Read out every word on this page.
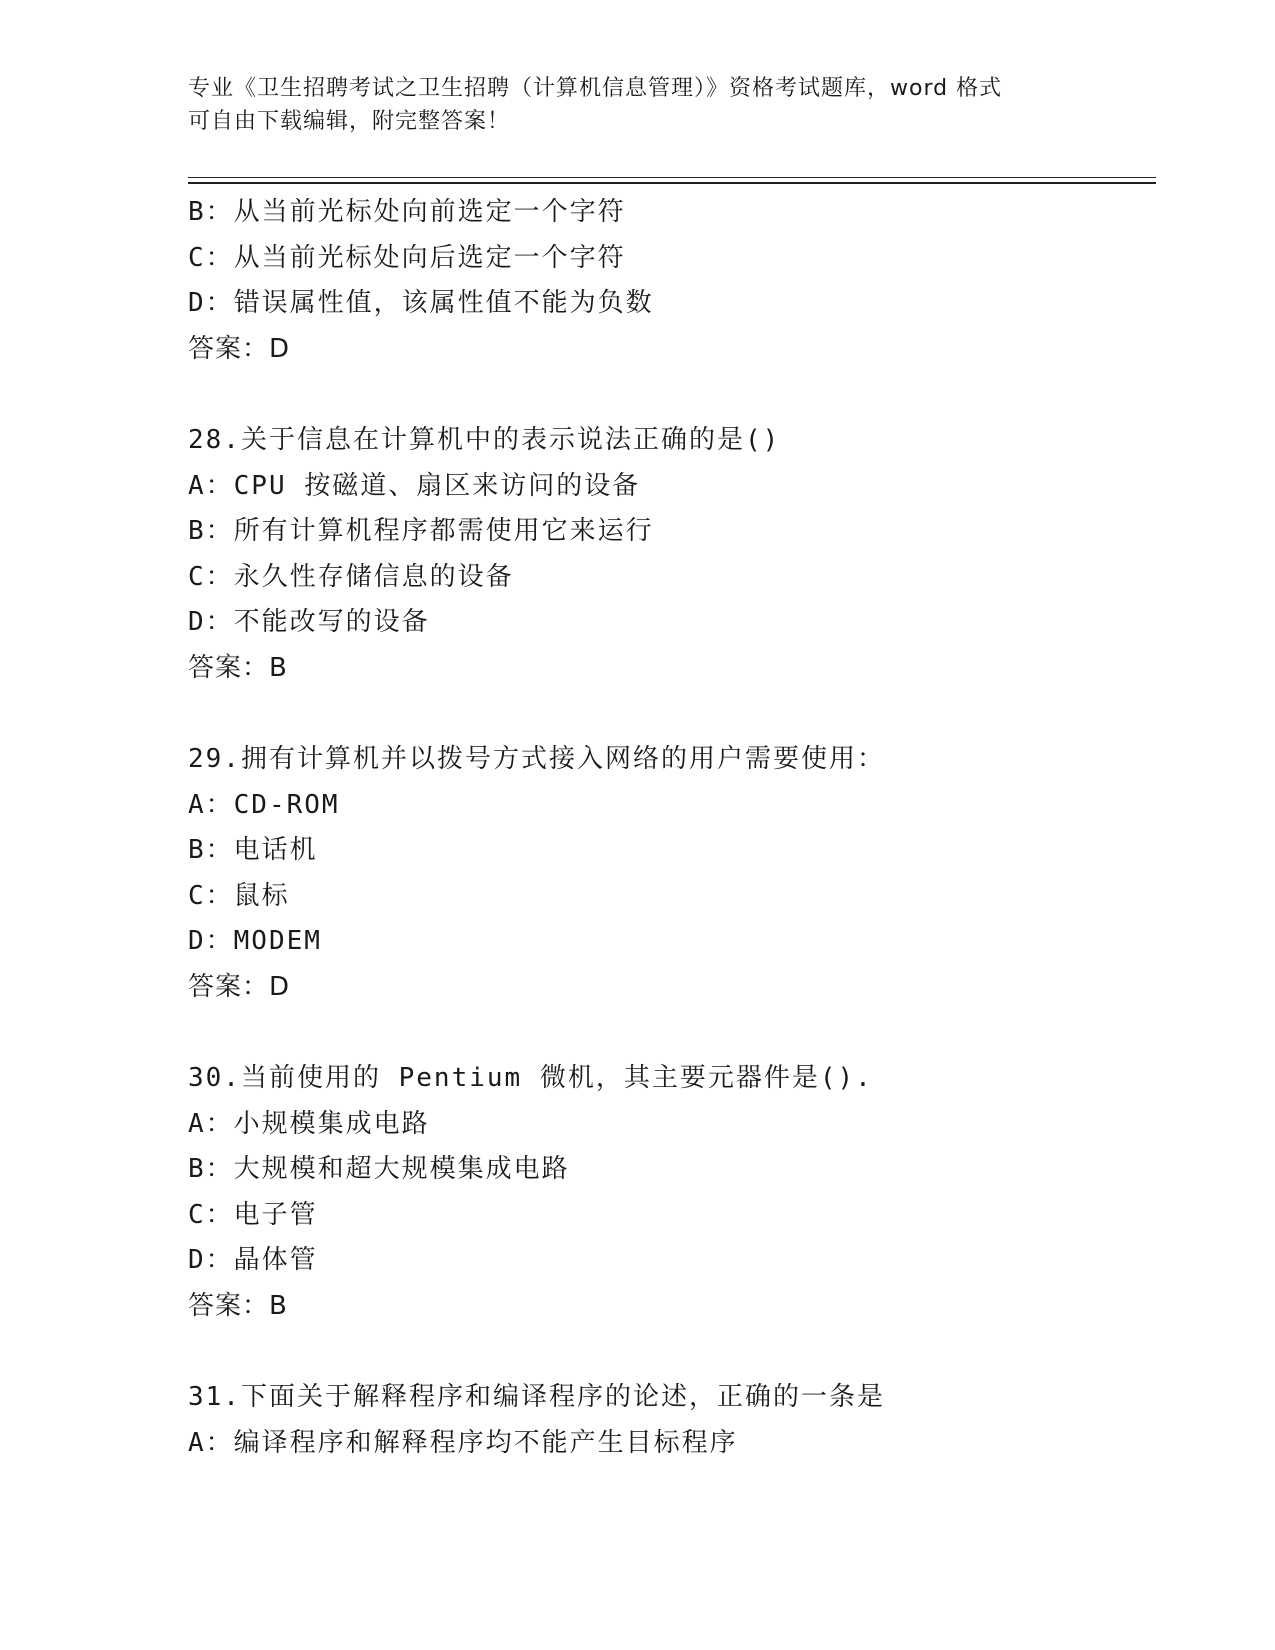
专业《卫生招聘考试之卫生招聘（计算机信息管理）》资格考试题库，word 格式
可自由下载编辑，附完整答案！
B：从当前光标处向前选定一个字符
C：从当前光标处向后选定一个字符
D：错误属性值，该属性值不能为负数
答案：D
28.关于信息在计算机中的表示说法正确的是()
A：CPU 按磁道、扇区来访问的设备
B：所有计算机程序都需使用它来运行
C：永久性存储信息的设备
D：不能改写的设备
答案：B
29.拥有计算机并以拨号方式接入网络的用户需要使用：
A：CD-ROM
B：电话机
C：鼠标
D：MODEM
答案：D
30.当前使用的 Pentium 微机，其主要元器件是().
A：小规模集成电路
B：大规模和超大规模集成电路
C：电子管
D：晶体管
答案：B
31.下面关于解释程序和编译程序的论述，正确的一条是
A：编译程序和解释程序均不能产生目标程序
